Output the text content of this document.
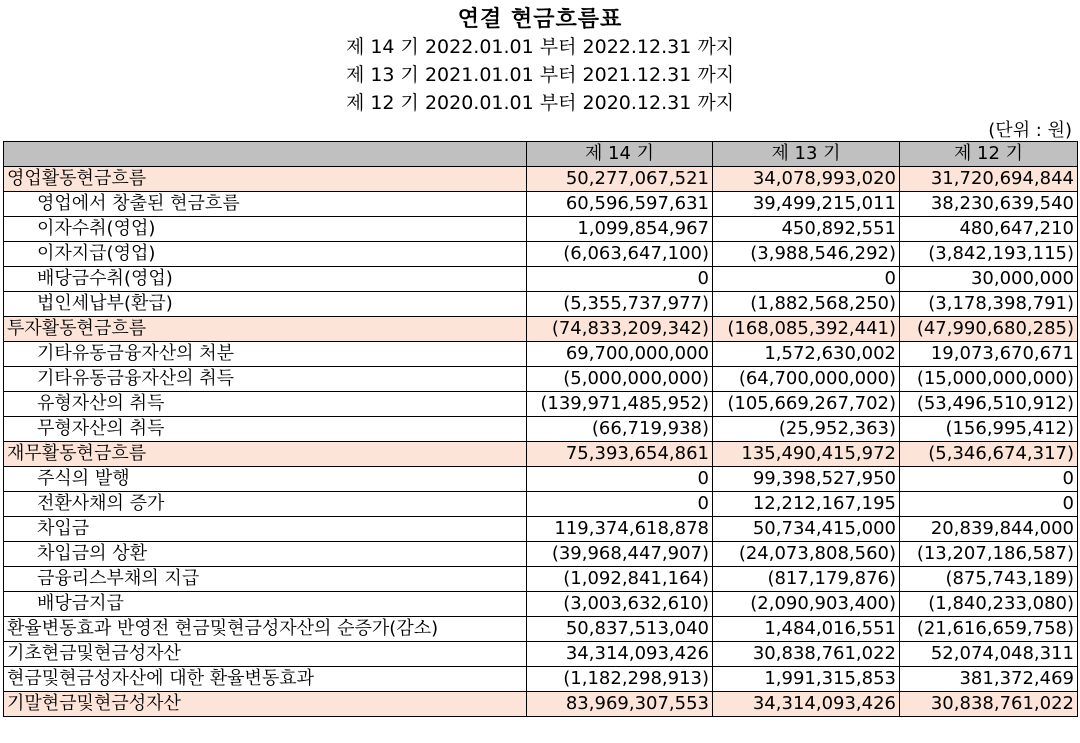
연결 현금흐름표
제 14 기 2022.01.01 부터 2022.12.31 까지
제 13 기 2021.01.01 부터 2021.12.31 까지
제 12 기 2020.01.01 부터 2020.12.31 까지
(단위 : 원)
	제 14 기	제 13 기	제 12 기
영업활동현금흐름	50,277,067,521	34,078,993,020	31,720,694,844
영업에서 창출된 현금흐름	60,596,597,631	39,499,215,011	38,230,639,540
이자수취(영업)	1,099,854,967	450,892,551	480,647,210
이자지급(영업)	(6,063,647,100)	(3,988,546,292)	(3,842,193,115)
배당금수취(영업)	0	0	30,000,000
법인세납부(환급)	(5,355,737,977)	(1,882,568,250)	(3,178,398,791)
투자활동현금흐름	(74,833,209,342)	(168,085,392,441)	(47,990,680,285)
기타유동금융자산의 처분	69,700,000,000	1,572,630,002	19,073,670,671
기타유동금융자산의 취득	(5,000,000,000)	(64,700,000,000)	(15,000,000,000)
유형자산의 취득	(139,971,485,952)	(105,669,267,702)	(53,496,510,912)
무형자산의 취득	(66,719,938)	(25,952,363)	(156,995,412)
재무활동현금흐름	75,393,654,861	135,490,415,972	(5,346,674,317)
주식의 발행	0	99,398,527,950	0
전환사채의 증가	0	12,212,167,195	0
차입금	119,374,618,878	50,734,415,000	20,839,844,000
차입금의 상환	(39,968,447,907)	(24,073,808,560)	(13,207,186,587)
금융리스부채의 지급	(1,092,841,164)	(817,179,876)	(875,743,189)
배당금지급	(3,003,632,610)	(2,090,903,400)	(1,840,233,080)
환율변동효과 반영전 현금및현금성자산의 순증가(감소)	50,837,513,040	1,484,016,551	(21,616,659,758)
기초현금및현금성자산	34,314,093,426	30,838,761,022	52,074,048,311
현금및현금성자산에 대한 환율변동효과	(1,182,298,913)	1,991,315,853	381,372,469
기말현금및현금성자산	83,969,307,553	34,314,093,426	30,838,761,022
